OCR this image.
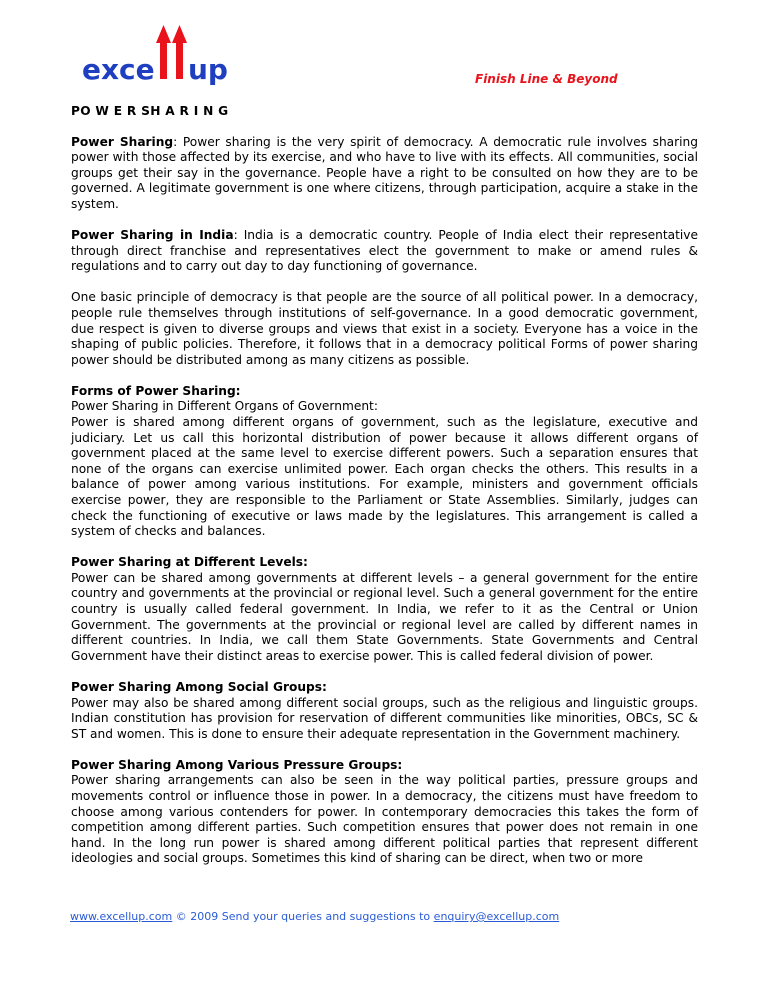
exce up	Finish Line & Beyond
PO W E R SH A R I N G

Power Sharing: Power sharing is the very spirit of democracy. A democratic rule involves sharing power with those affected by its exercise, and who have to live with its effects. All communities, social groups get their say in the governance. People have a right to be consulted on how they are to be governed. A legitimate government is one where citizens, through participation, acquire a stake in the system.

Power Sharing in India: India is a democratic country. People of India elect their representative through direct franchise and representatives elect the government to make or amend rules & regulations and to carry out day to day functioning of governance.

One basic principle of democracy is that people are the source of all political power. In a democracy, people rule themselves through institutions of self-governance. In a good democratic government, due respect is given to diverse groups and views that exist in a society. Everyone has a voice in the shaping of public policies. Therefore, it follows that in a democracy political Forms of power sharing power should be distributed among as many citizens as possible.

Forms of Power Sharing:
Power Sharing in Different Organs of Government:
Power is shared among different organs of government, such as the legislature, executive and judiciary. Let us call this horizontal distribution of power because it allows different organs of government placed at the same level to exercise different powers. Such a separation ensures that none of the organs can exercise unlimited power. Each organ checks the others. This results in a balance of power among various institutions. For example, ministers and government officials exercise power, they are responsible to the Parliament or State Assemblies. Similarly, judges can check the functioning of executive or laws made by the legislatures. This arrangement is called a system of checks and balances.
Power Sharing at Different Levels:
Power can be shared among governments at different levels – a general government for the entire country and governments at the provincial or regional level. Such a general government for the entire country is usually called federal government. In India, we refer to it as the Central or Union Government. The governments at the provincial or regional level are called by different names in different countries. In India, we call them State Governments. State Governments and Central Government have their distinct areas to exercise power. This is called federal division of power.
Power Sharing Among Social Groups:
Power may also be shared among different social groups, such as the religious and linguistic groups. Indian constitution has provision for reservation of different communities like minorities, OBCs, SC & ST and women. This is done to ensure their adequate representation in the Government machinery.
Power Sharing Among Various Pressure Groups:
Power sharing arrangements can also be seen in the way political parties, pressure groups and movements control or influence those in power. In a democracy, the citizens must have freedom to choose among various contenders for power. In contemporary democracies this takes the form of competition among different parties. Such competition ensures that power does not remain in one hand. In the long run power is shared among different political parties that represent different ideologies and social groups. Sometimes this kind of sharing can be direct, when two or more
www.excellup.com © 2009 Send your queries and suggestions to enquiry@excellup.com
